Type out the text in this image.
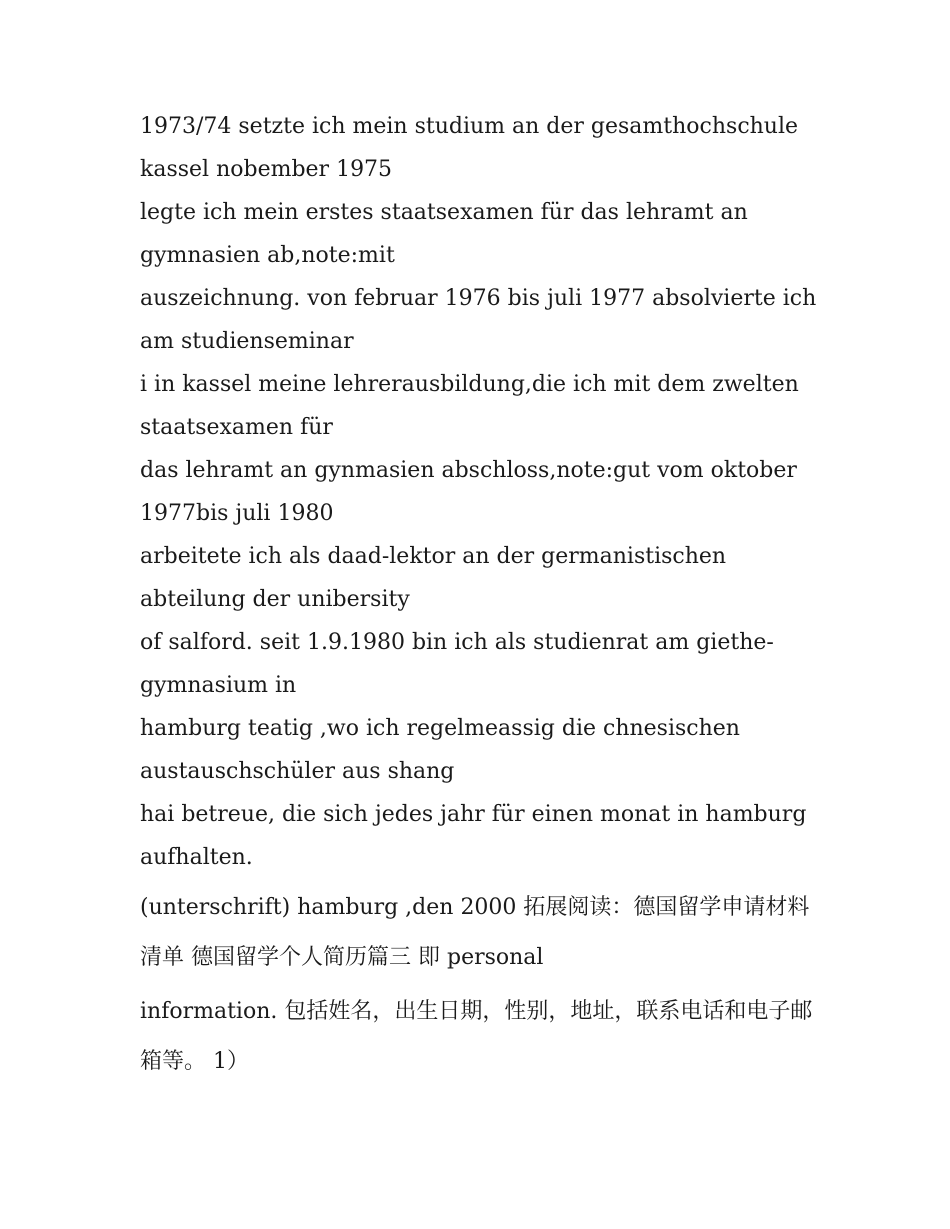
1973/74 setzte ich mein studium an der gesamthochschule kassel nobember 1975

legte ich mein erstes staatsexamen für das lehramt an gymnasien ab,note:mit

auszeichnung. von februar 1976 bis juli 1977 absolvierte ich am studienseminar

i in kassel meine lehrerausbildung,die ich mit dem zwelten staatsexamen für

das lehramt an gynmasien abschloss,note:gut vom oktober 1977bis juli 1980

arbeitete ich als daad-lektor an der germanistischen abteilung der unibersity

of salford. seit 1.9.1980 bin ich als studienrat am giethe-gymnasium in

hamburg teatig ,wo ich regelmeassig die chnesischen austauschschüler aus shang

hai betreue, die sich jedes jahr für einen monat in hamburg aufhalten.

(unterschrift) hamburg ,den 2000 拓展阅读：德国留学申请材料清单 德国留学个人简历篇三 即 personal

information. 包括姓名，出生日期，性别，地址，联系电话和电子邮箱等。 1）
